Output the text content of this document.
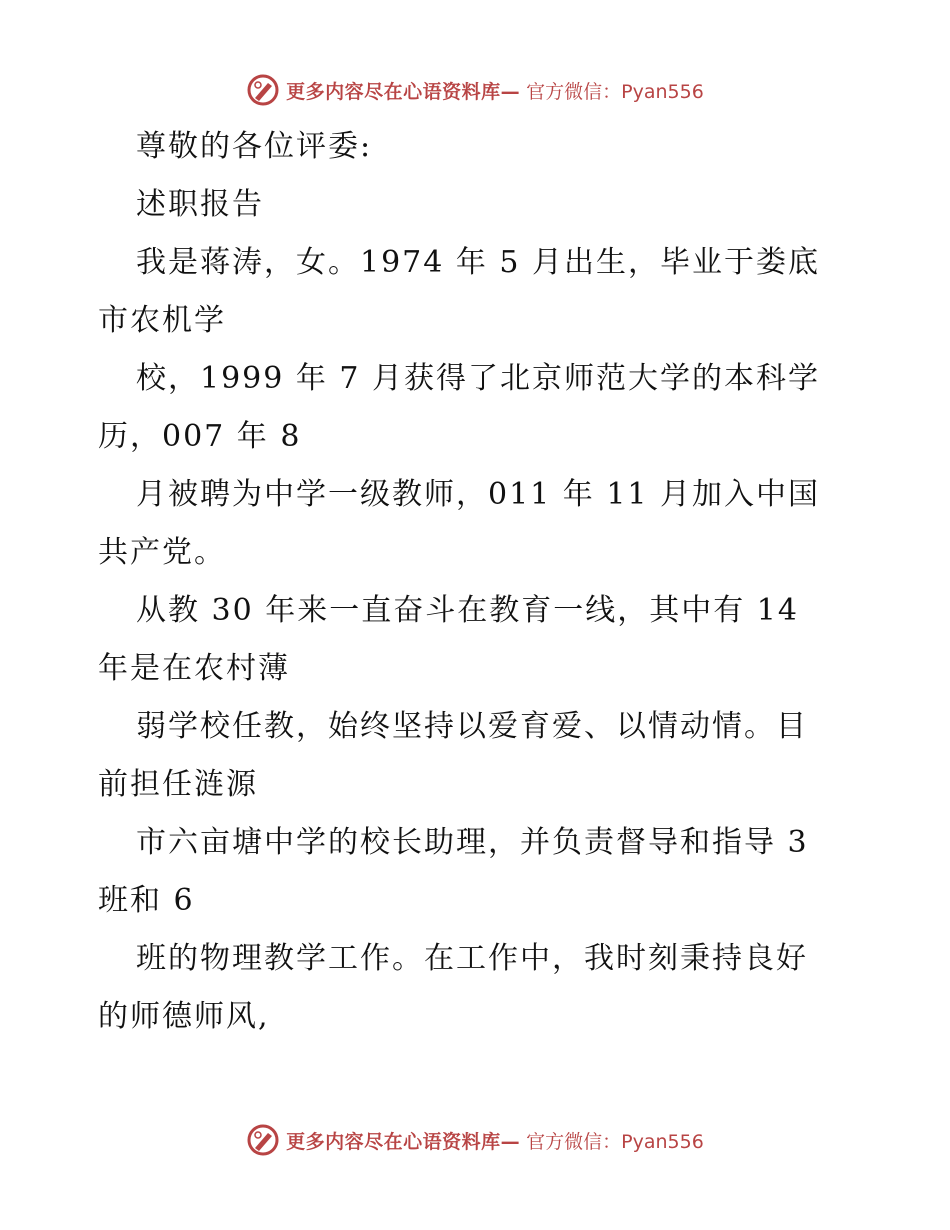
更多内容尽在心语资料库— 官方微信：Pyan556
尊敬的各位评委:
述职报告
我是蒋涛，女。1974 年 5 月出生，毕业于娄底
市农机学
校，1999 年 7 月获得了北京师范大学的本科学
历，007 年 8
月被聘为中学一级教师，011 年 11 月加入中国
共产党。
从教 30 年来一直奋斗在教育一线，其中有 14
年是在农村薄
弱学校任教，始终坚持以爱育爱、以情动情。目
前担任涟源
市六亩塘中学的校长助理，并负责督导和指导 3
班和 6
班的物理教学工作。在工作中，我时刻秉持良好
的师德师风,
更多内容尽在心语资料库— 官方微信：Pyan556
